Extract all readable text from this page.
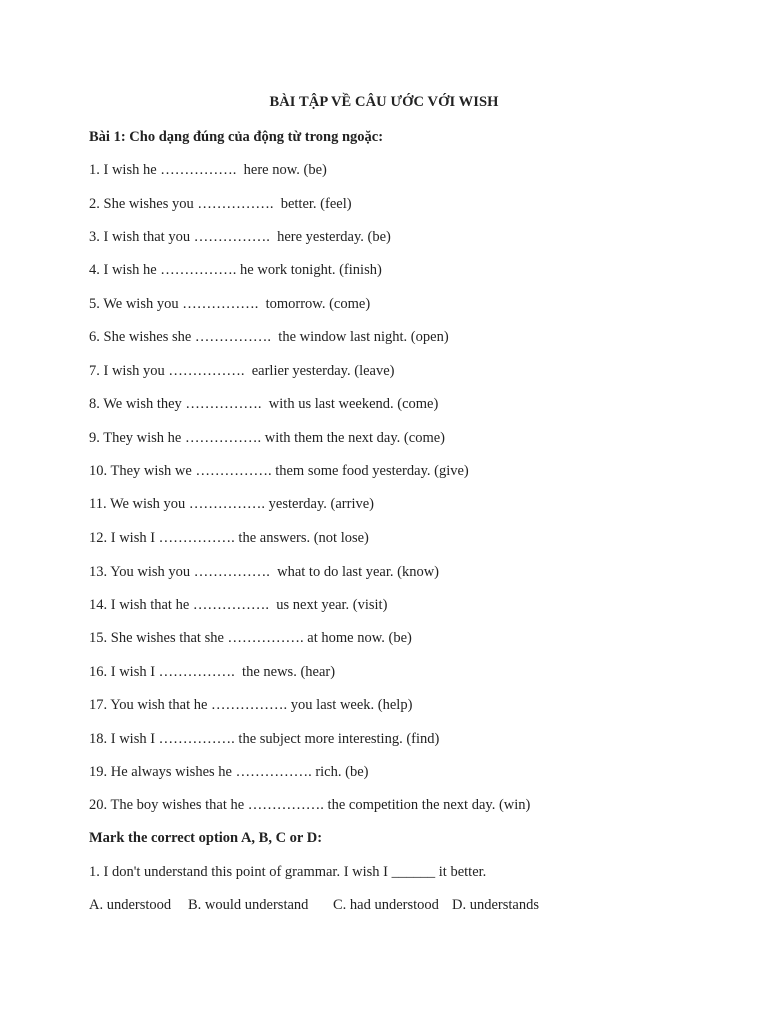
BÀI TẬP VỀ CÂU ƯỚC VỚI WISH
Bài 1: Cho dạng đúng của động từ trong ngoặc:
1. I wish he …………….  here now. (be)
2. She wishes you …………….  better. (feel)
3. I wish that you …………….  here yesterday. (be)
4. I wish he ……………. he work tonight. (finish)
5. We wish you …………….  tomorrow. (come)
6. She wishes she …………….  the window last night. (open)
7. I wish you …………….  earlier yesterday. (leave)
8. We wish they …………….  with us last weekend. (come)
9. They wish he ……………. with them the next day. (come)
10. They wish we ……………. them some food yesterday. (give)
11. We wish you ……………. yesterday. (arrive)
12. I wish I ……………. the answers. (not lose)
13. You wish you …………….  what to do last year. (know)
14. I wish that he …………….  us next year. (visit)
15. She wishes that she ……………. at home now. (be)
16. I wish I …………….  the news. (hear)
17. You wish that he ……………. you last week. (help)
18. I wish I ……………. the subject more interesting. (find)
19. He always wishes he ……………. rich. (be)
20. The boy wishes that he ……………. the competition the next day. (win)
Mark the correct option A, B, C or D:
1. I don't understand this point of grammar. I wish I ______ it better.

A. understood

B. would understand

C. had understood

D. understands
